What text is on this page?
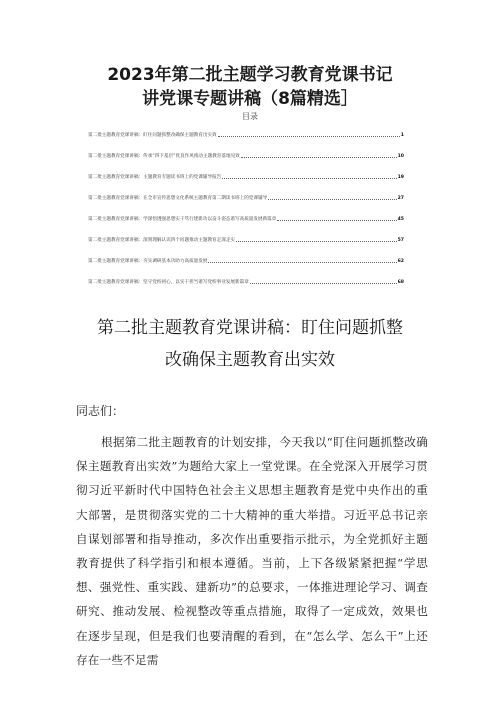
2023年第二批主题学习教育党课书记
讲党课专题讲稿（8篇精选］
目录
第二批主题教育党课讲稿：盯住问题抓整改确保主题教育出实效	1
第二批主题教育党课讲稿：传承“四下基层”优良作风推动主题教育落地见效	10
第二批主题教育党课讲稿：主题教育专题读书班上的党课辅导报告	19
第二批主题教育党课讲稿：在全市宣传思想文化系统主题教育第二期读书班上的党课辅导	27
第二批主题教育党课讲稿：学深悟透强思想实干笃行建新功以奋斗姿态谱写高质量发展新篇章	45
第二批主题教育党课讲稿：深刻理解认识四个问题推动主题教育走深走实	57
第二批主题教育党课讲稿：夯实调研基本功助力高质量发展	62
第二批主题教育党课讲稿：坚守党校初心，以实干担当谱写党校事业发展新篇章	68
第二批主题教育党课讲稿：盯住问题抓整
改确保主题教育出实效
同志们：

根据第二批主题教育的计划安排，今天我以“盯住问题抓整改确保主题教育出实效”为题给大家上一堂党课。在全党深入开展学习贯彻习近平新时代中国特色社会主义思想主题教育是党中央作出的重大部署，是贯彻落实党的二十大精神的重大举措。习近平总书记亲自谋划部署和指导推动，多次作出重要指示批示，为全党抓好主题教育提供了科学指引和根本遵循。当前，上下各级紧紧把握“学思想、强党性、重实践、建新功”的总要求，一体推进理论学习、调查研究、推动发展、检视整改等重点措施，取得了一定成效，效果也在逐步呈现，但是我们也要清醒的看到，在“怎么学、怎么干”上还存在一些不足需
